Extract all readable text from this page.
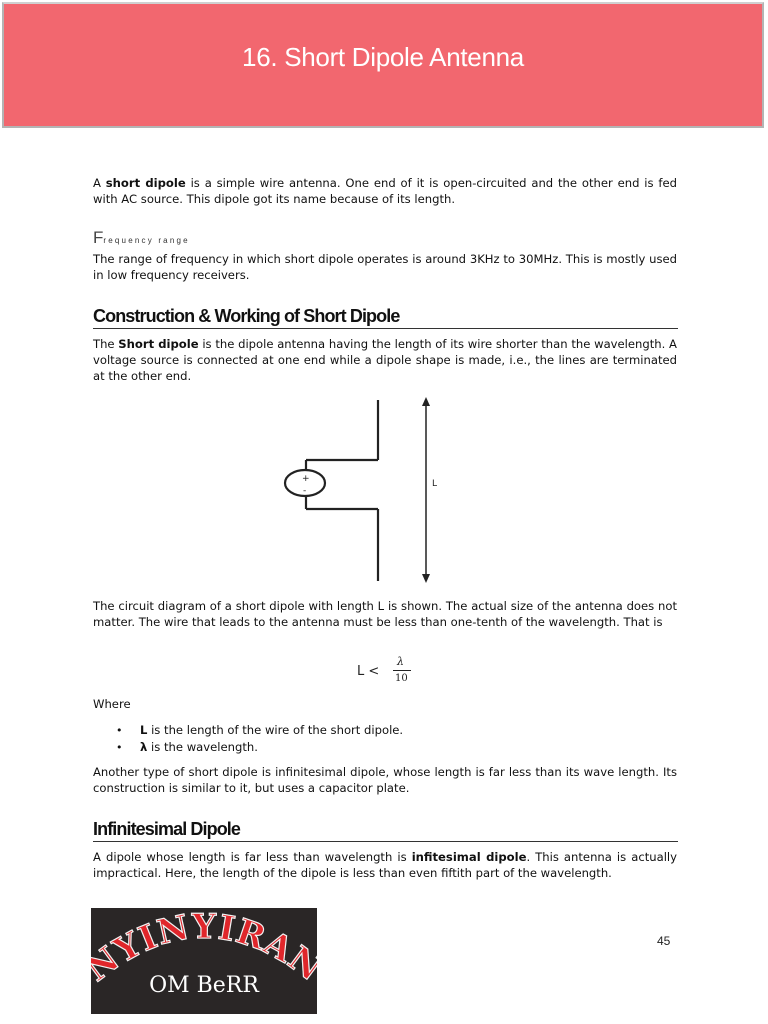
16. Short Dipole Antenna

A short dipole is a simple wire antenna. One end of it is open-circuited and the other end is fed with AC source. This dipole got its name because of its length.

Frequency range

The range of frequency in which short dipole operates is around 3KHz to 30MHz. This is mostly used in low frequency receivers.

Construction & Working of Short Dipole

The Short dipole is the dipole antenna having the length of its wire shorter than the wavelength. A voltage source is connected at one end while a dipole shape is made, i.e., the lines are terminated at the other end.

+
-
L

The circuit diagram of a short dipole with length L is shown. The actual size of the antenna does not matter. The wire that leads to the antenna must be less than one-tenth of the wavelength. That is

L <
λ
10

Where

• L is the length of the wire of the short dipole.
• λ is the wavelength.

Another type of short dipole is infinitesimal dipole, whose length is far less than its wave length. Its construction is similar to it, but uses a capacitor plate.

Infinitesimal Dipole

A dipole whose length is far less than wavelength is infitesimal dipole. This antenna is actually impractical. Here, the length of the dipole is less than even fiftith part of the wavelength.

YINYIRA
OM BeRR
45
